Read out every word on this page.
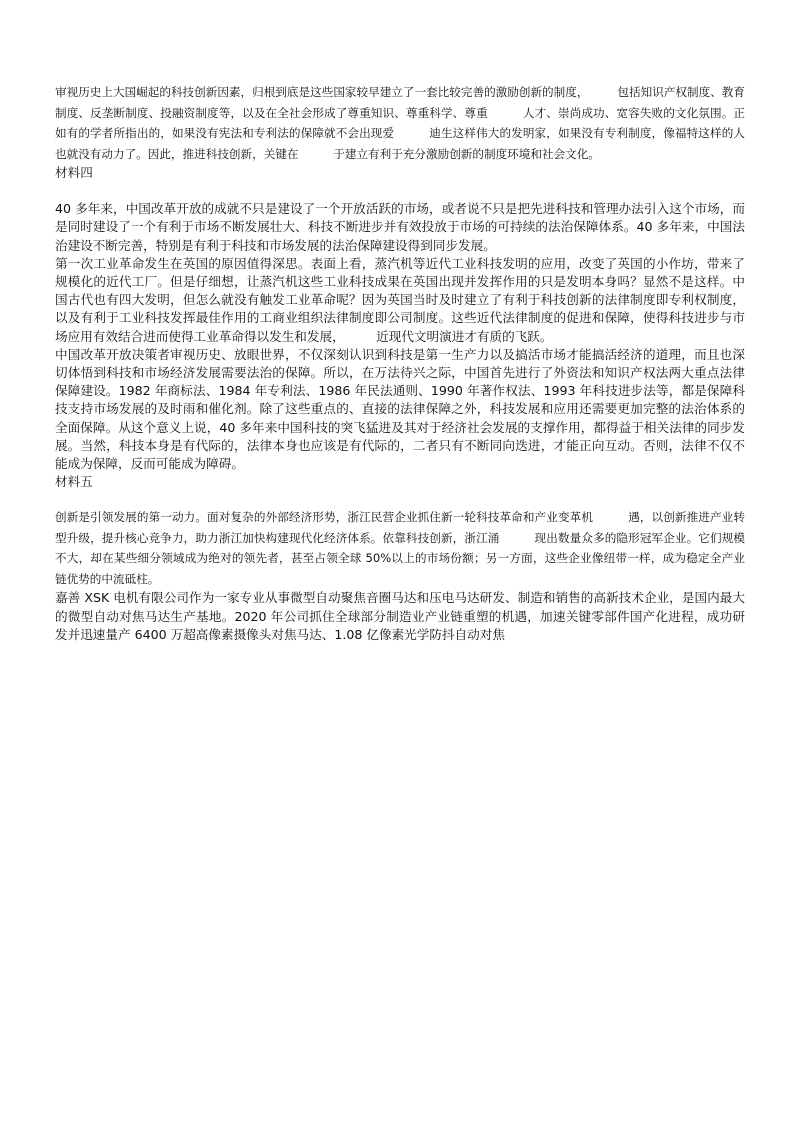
审视历史上大国崛起的科技创新因素，归根到底是这些国家较早建立了一套比较完善的激励创新的制度，　　　包括知识产权制度、教育制度、反垄断制度、投融资制度等，以及在全社会形成了尊重知识、尊重科学、尊重　　　人才、崇尚成功、宽容失败的文化氛围。正如有的学者所指出的，如果没有宪法和专利法的保障就不会出现爱　　　迪生这样伟大的发明家，如果没有专利制度，像福特这样的人也就没有动力了。因此，推进科技创新，关键在　　　于建立有利于充分激励创新的制度环境和社会文化。

材料四

40 多年来，中国改革开放的成就不只是建设了一个开放活跃的市场，或者说不只是把先进科技和管理办法引入这个市场，而是同时建设了一个有利于市场不断发展壮大、科技不断进步并有效投放于市场的可持续的法治保障体系。40 多年来，中国法治建设不断完善，特别是有利于科技和市场发展的法治保障建设得到同步发展。

第一次工业革命发生在英国的原因值得深思。表面上看，蒸汽机等近代工业科技发明的应用，改变了英国的小作坊，带来了规模化的近代工厂。但是仔细想，让蒸汽机这些工业科技成果在英国出现并发挥作用的只是发明本身吗？显然不是这样。中国古代也有四大发明，但怎么就没有触发工业革命呢？因为英国当时及时建立了有利于科技创新的法律制度即专利权制度，以及有利于工业科技发挥最佳作用的工商业组织法律制度即公司制度。这些近代法律制度的促进和保障，使得科技进步与市场应用有效结合进而使得工业革命得以发生和发展，　　　近现代文明演进才有质的飞跃。

中国改革开放决策者审视历史、放眼世界，不仅深刻认识到科技是第一生产力以及搞活市场才能搞活经济的道理，而且也深切体悟到科技和市场经济发展需要法治的保障。所以，在万法待兴之际，中国首先进行了外资法和知识产权法两大重点法律保障建设。1982 年商标法、1984 年专利法、1986 年民法通则、1990 年著作权法、1993 年科技进步法等，都是保障科技支持市场发展的及时雨和催化剂。除了这些重点的、直接的法律保障之外，科技发展和应用还需要更加完整的法治体系的全面保障。从这个意义上说，40 多年来中国科技的突飞猛进及其对于经济社会发展的支撑作用，都得益于相关法律的同步发展。当然，科技本身是有代际的，法律本身也应该是有代际的，二者只有不断同向迭进，才能正向互动。否则，法律不仅不能成为保障，反而可能成为障碍。

材料五

创新是引领发展的第一动力。面对复杂的外部经济形势，浙江民营企业抓住新一轮科技革命和产业变革机　　　遇，以创新推进产业转型升级，提升核心竞争力，助力浙江加快构建现代化经济体系。依靠科技创新，浙江涌　　　现出数量众多的隐形冠军企业。它们规模不大，却在某些细分领域成为绝对的领先者，甚至占领全球 50%以上的市场份额；另一方面，这些企业像纽带一样，成为稳定全产业链优势的中流砥柱。

嘉善 XSK 电机有限公司作为一家专业从事微型自动聚焦音圈马达和压电马达研发、制造和销售的高新技术企业，是国内最大的微型自动对焦马达生产基地。2020 年公司抓住全球部分制造业产业链重塑的机遇，加速关键零部件国产化进程，成功研发并迅速量产 6400 万超高像素摄像头对焦马达、1.08 亿像素光学防抖自动对焦
